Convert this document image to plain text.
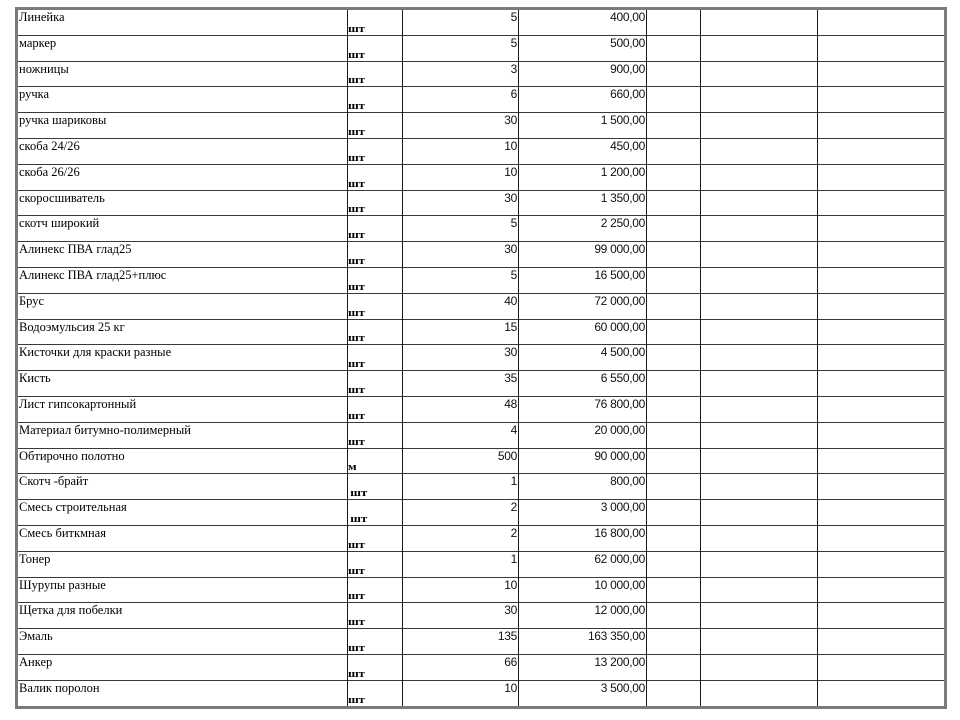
Линейка	шт	5	400,00			
маркер	шт	5	500,00			
ножницы	шт	3	900,00			
ручка	шт	6	660,00			
ручка шариковы	шт	30	1 500,00			
скоба 24/26	шт	10	450,00			
скоба 26/26	шт	10	1 200,00			
скоросшиватель	шт	30	1 350,00			
скотч широкий	шт	5	2 250,00			
Алинекс ПВА глад25	шт	30	99 000,00			
Алинекс ПВА глад25+плюс	шт	5	16 500,00			
Брус	шт	40	72 000,00			
Водоэмульсия 25 кг	шт	15	60 000,00			
Кисточки для краски разные	шт	30	4 500,00			
Кисть	шт	35	6 550,00			
Лист гипсокартонный	шт	48	76 800,00			
Материал битумно-полимерный	шт	4	20 000,00			
Обтирочно полотно	м	500	90 000,00			
Скотч -брайт	шт	1	800,00			
Смесь строительная	шт	2	3 000,00			
Смесь биткмная	шт	2	16 800,00			
Тонер	шт	1	62 000,00			
Шурупы разные	шт	10	10 000,00			
Щетка для побелки	шт	30	12 000,00			
Эмаль	шт	135	163 350,00			
Анкер	шт	66	13 200,00			
Валик поролон	шт	10	3 500,00			
